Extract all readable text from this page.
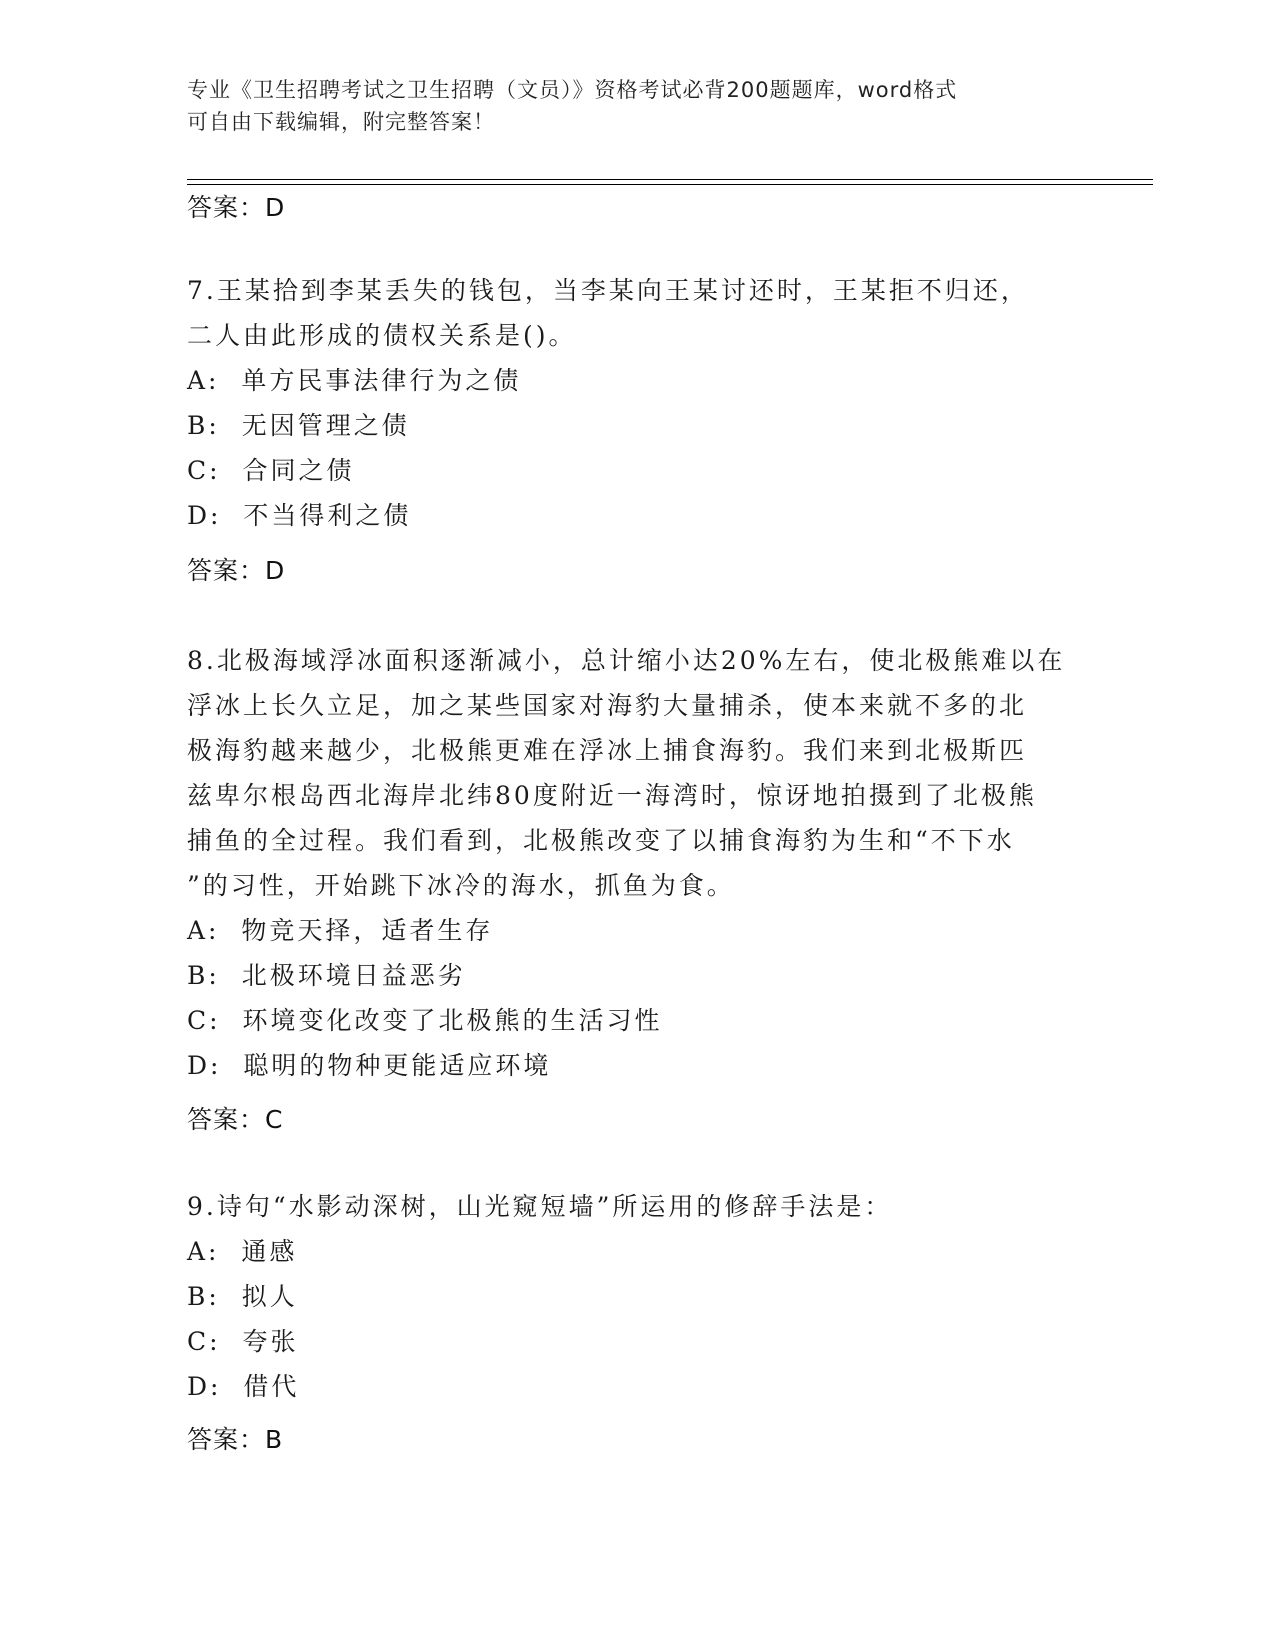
专业《卫生招聘考试之卫生招聘（文员）》资格考试必背200题题库，word格式
可自由下载编辑，附完整答案！
答案：D
7.王某拾到李某丢失的钱包，当李某向王某讨还时，王某拒不归还，
二人由此形成的债权关系是()。
A:  单方民事法律行为之债
B:  无因管理之债
C:  合同之债
D:  不当得利之债
答案：D
8.北极海域浮冰面积逐渐减小，总计缩小达20%左右，使北极熊难以在
浮冰上长久立足，加之某些国家对海豹大量捕杀，使本来就不多的北
极海豹越来越少，北极熊更难在浮冰上捕食海豹。我们来到北极斯匹
兹卑尔根岛西北海岸北纬80度附近一海湾时，惊讶地拍摄到了北极熊
捕鱼的全过程。我们看到，北极熊改变了以捕食海豹为生和“不下水
”的习性，开始跳下冰冷的海水，抓鱼为食。
A:  物竞天择，适者生存
B:  北极环境日益恶劣
C:  环境变化改变了北极熊的生活习性
D:  聪明的物种更能适应环境
答案：C
9.诗句“水影动深树，山光窥短墙”所运用的修辞手法是：
A:  通感
B:  拟人
C:  夸张
D:  借代
答案：B
